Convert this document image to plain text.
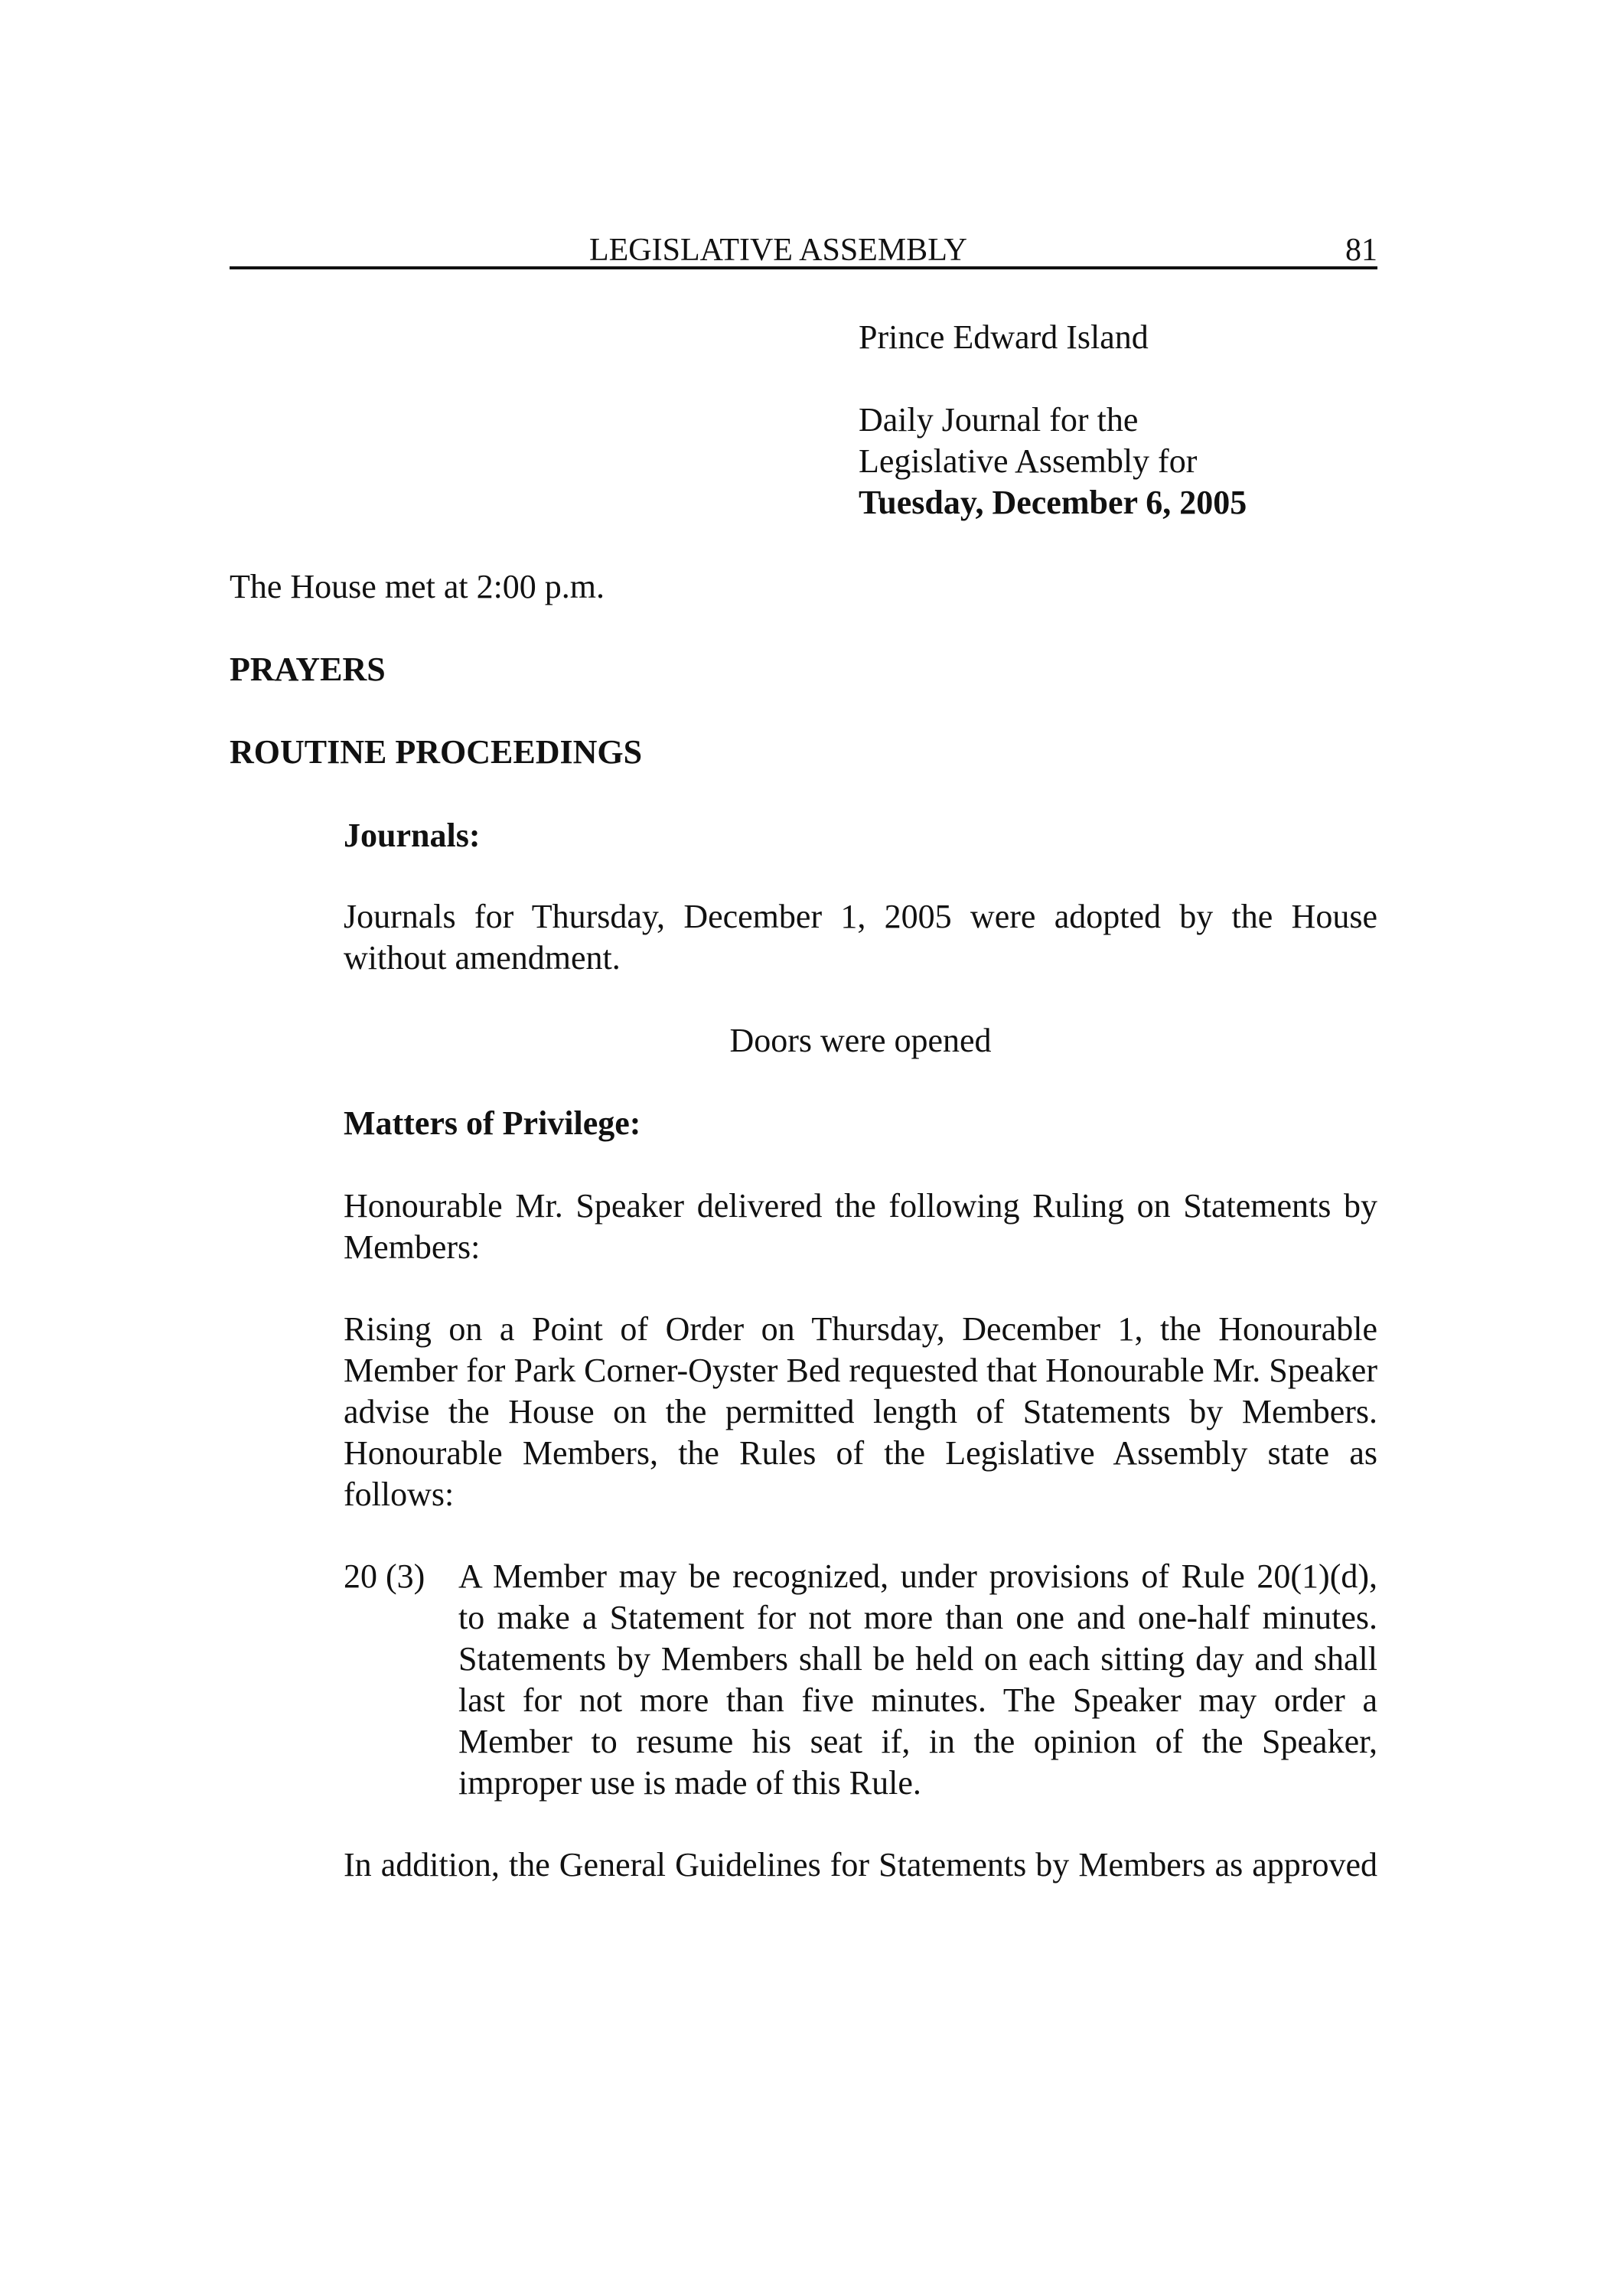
LEGISLATIVE ASSEMBLY	81
Prince Edward Island
Daily Journal for the
Legislative Assembly for
Tuesday, December 6, 2005
The House met at 2:00 p.m.
PRAYERS
ROUTINE PROCEEDINGS
Journals:
Journals for Thursday, December 1, 2005 were adopted by the House without amendment.
Doors were opened
Matters of Privilege:
Honourable Mr. Speaker delivered the following Ruling on Statements by Members:
Rising on a Point of Order on Thursday, December 1, the Honourable Member for Park Corner-Oyster Bed requested that Honourable Mr. Speaker advise the House on the permitted length of Statements by Members. Honourable Members, the Rules of the Legislative Assembly state as follows:
20 (3) A Member may be recognized, under provisions of Rule 20(1)(d), to make a Statement for not more than one and one-half minutes. Statements by Members shall be held on each sitting day and shall last for not more than five minutes. The Speaker may order a Member to resume his seat if, in the opinion of the Speaker, improper use is made of this Rule.
In addition, the General Guidelines for Statements by Members as approved
